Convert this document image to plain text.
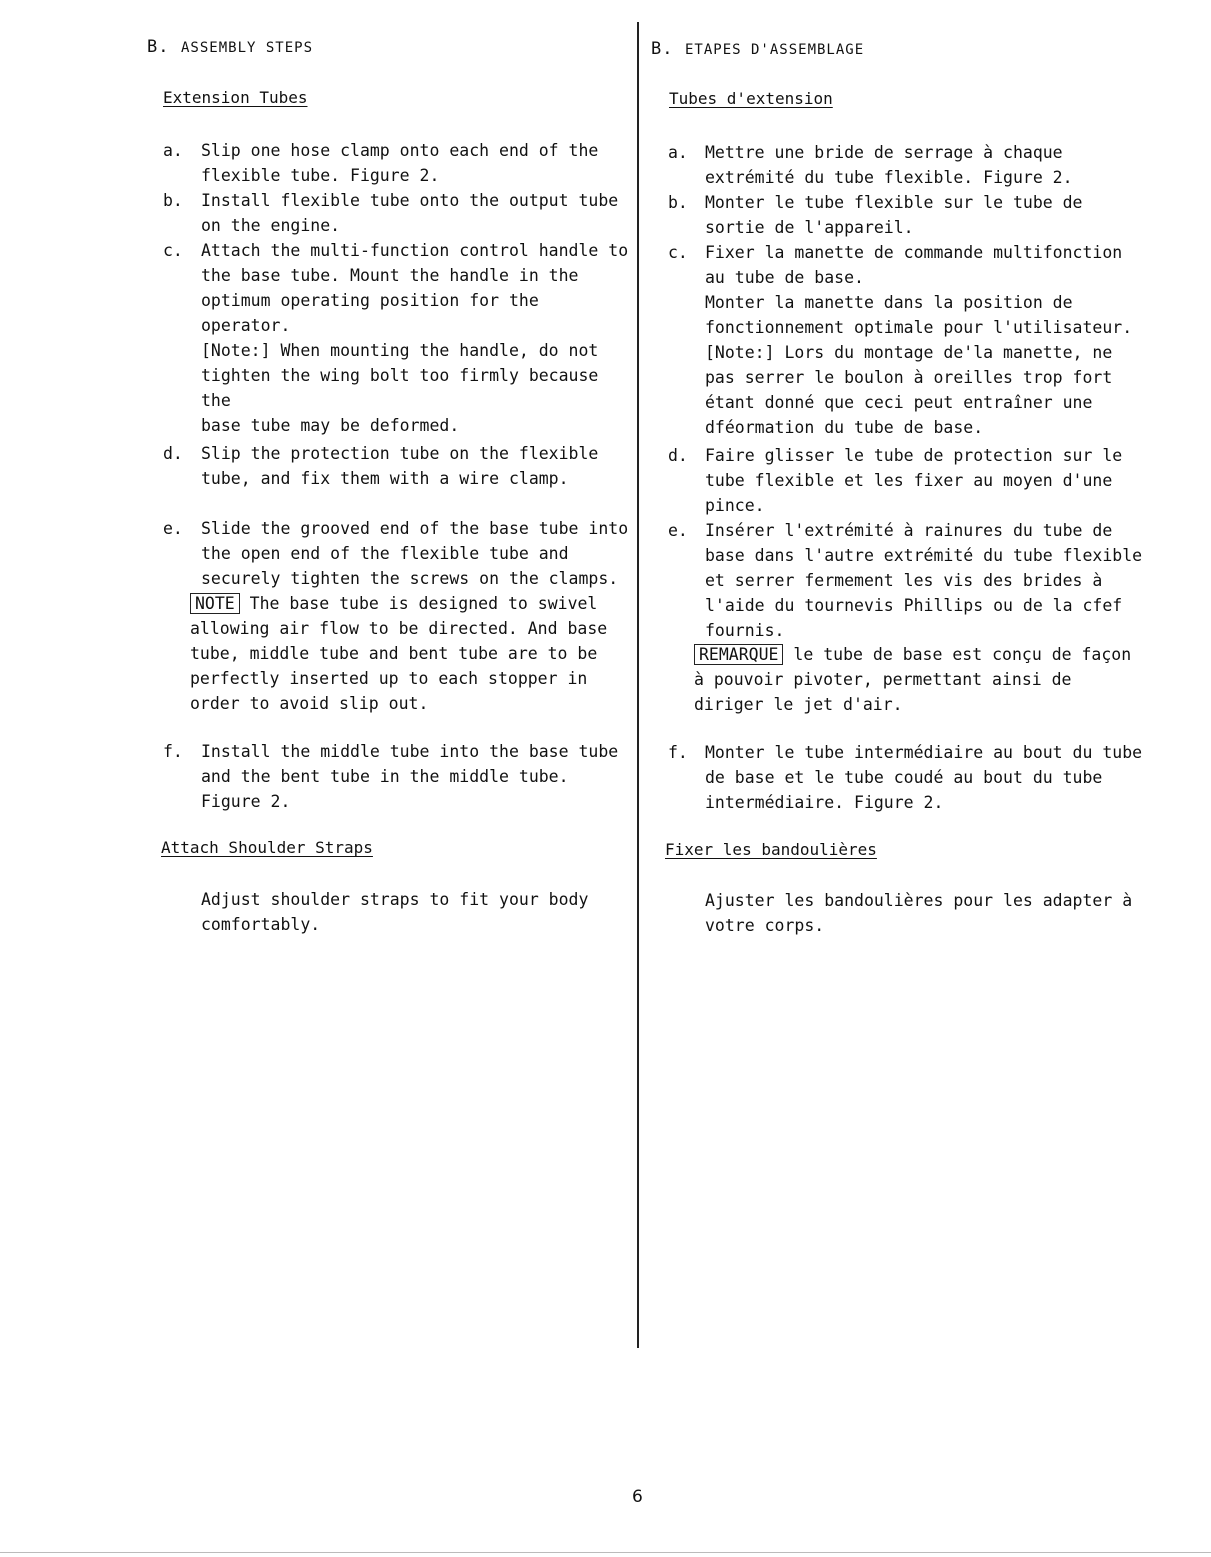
B. ASSEMBLY STEPS
Extension Tubes
a. Slip one hose clamp onto each end of the
flexible tube. Figure 2.
b. Install flexible tube onto the output tube
on the engine.
c. Attach the multi-function control handle to
the base tube. Mount the handle in the
optimum operating position for the operator.
[Note:] When mounting the handle, do not
tighten the wing bolt too firmly because the
base tube may be deformed.
d. Slip the protection tube on the flexible
tube, and fix them with a wire clamp.
e. Slide the grooved end of the base tube into
the open end of the flexible tube and
securely tighten the screws on the clamps.
NOTE The base tube is designed to swivel
allowing air flow to be directed. And base
tube, middle tube and bent tube are to be
perfectly inserted up to each stopper in
order to avoid slip out.
f. Install the middle tube into the base tube
and the bent tube in the middle tube.
Figure 2.
Attach Shoulder Straps
Adjust shoulder straps to fit your body
comfortably.
B. ETAPES D'ASSEMBLAGE
Tubes d'extension
a. Mettre une bride de serrage à chaque
extrémité du tube flexible. Figure 2.
b. Monter le tube flexible sur le tube de
sortie de l'appareil.
c. Fixer la manette de commande multifonction
au tube de base.
Monter la manette dans la position de
fonctionnement optimale pour l'utilisateur.
[Note:] Lors du montage de'la manette, ne
pas serrer le boulon à oreilles trop fort
étant donné que ceci peut entraîner une
dféormation du tube de base.
d. Faire glisser le tube de protection sur le
tube flexible et les fixer au moyen d'une
pince.
e. Insérer l'extrémité à rainures du tube de
base dans l'autre extrémité du tube flexible
et serrer fermement les vis des brides à
l'aide du tournevis Phillips ou de la cfef
fournis.
REMARQUE le tube de base est conçu de façon
à pouvoir pivoter, permettant ainsi de
diriger le jet d'air.
f. Monter le tube intermédiaire au bout du tube
de base et le tube coudé au bout du tube
intermédiaire. Figure 2.
Fixer les bandoulières
Ajuster les bandoulières pour les adapter à
votre corps.
6
